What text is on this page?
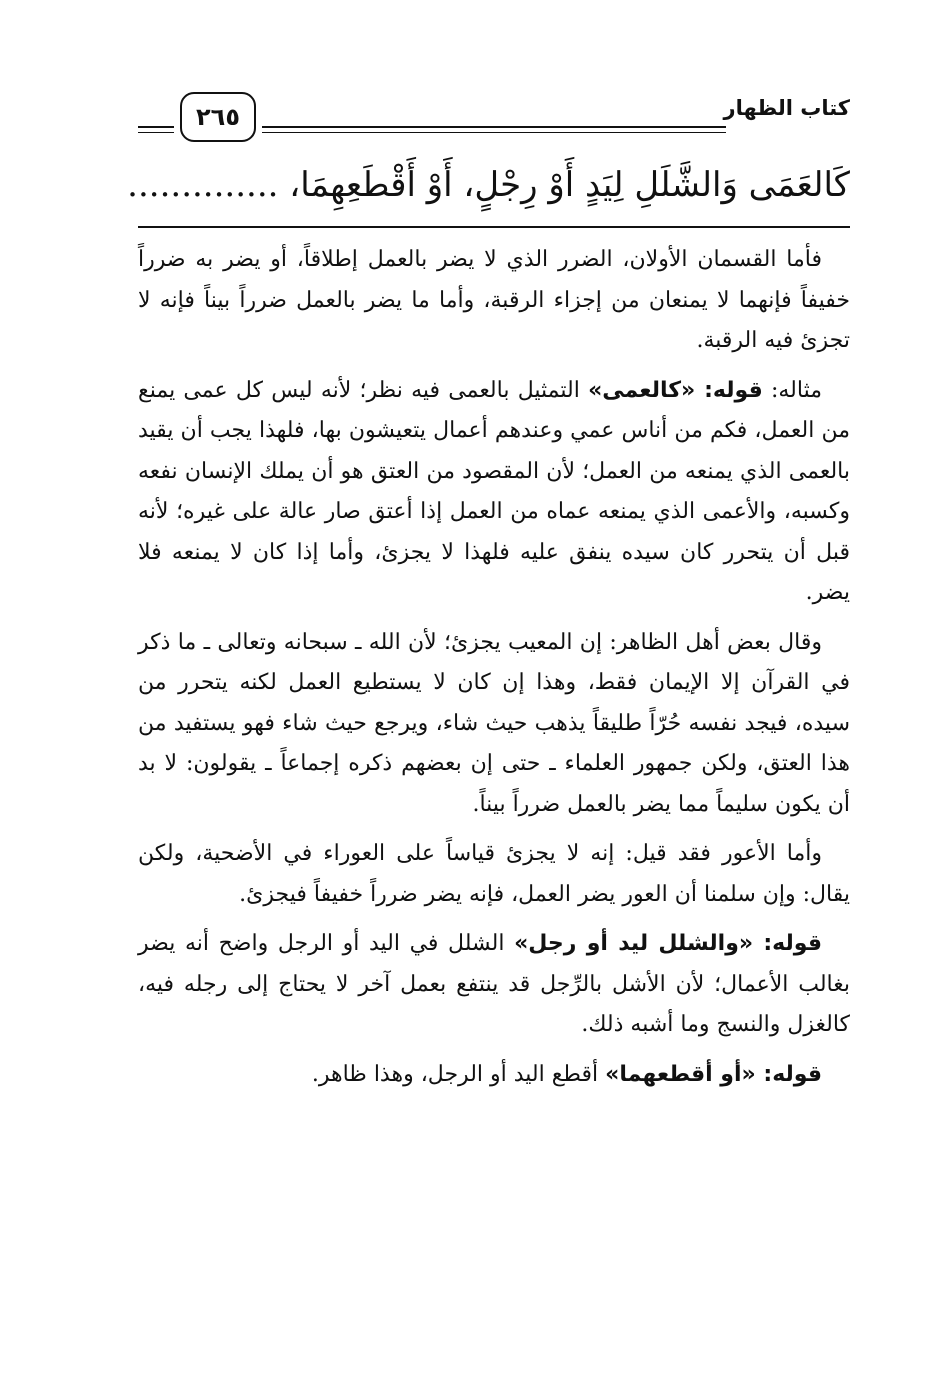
كتاب الظهار
٢٦٥
كَالعَمَى وَالشَّلَلِ لِيَدٍ أَوْ رِجْلٍ، أَوْ أَقْطَعِهِمَا، ..............

فأما القسمان الأولان، الضرر الذي لا يضر بالعمل إطلاقاً، أو يضر به ضرراً خفيفاً فإنهما لا يمنعان من إجزاء الرقبة، وأما ما يضر بالعمل ضرراً بيناً فإنه لا تجزئ فيه الرقبة.

مثاله: قوله: «كالعمى» التمثيل بالعمى فيه نظر؛ لأنه ليس كل عمى يمنع من العمل، فكم من أناس عمي وعندهم أعمال يتعيشون بها، فلهذا يجب أن يقيد بالعمى الذي يمنعه من العمل؛ لأن المقصود من العتق هو أن يملك الإنسان نفعه وكسبه، والأعمى الذي يمنعه عماه من العمل إذا أعتق صار عالة على غيره؛ لأنه قبل أن يتحرر كان سيده ينفق عليه فلهذا لا يجزئ، وأما إذا كان لا يمنعه فلا يضر.

وقال بعض أهل الظاهر: إن المعيب يجزئ؛ لأن الله ـ سبحانه وتعالى ـ ما ذكر في القرآن إلا الإيمان فقط، وهذا إن كان لا يستطيع العمل لكنه يتحرر من سيده، فيجد نفسه حُرّاً طليقاً يذهب حيث شاء، ويرجع حيث شاء فهو يستفيد من هذا العتق، ولكن جمهور العلماء ـ حتى إن بعضهم ذكره إجماعاً ـ يقولون: لا بد أن يكون سليماً مما يضر بالعمل ضرراً بيناً.

وأما الأعور فقد قيل: إنه لا يجزئ قياساً على العوراء في الأضحية، ولكن يقال: وإن سلمنا أن العور يضر العمل، فإنه يضر ضرراً خفيفاً فيجزئ.

قوله: «والشلل ليد أو رجل» الشلل في اليد أو الرجل واضح أنه يضر بغالب الأعمال؛ لأن الأشل بالرِّجل قد ينتفع بعمل آخر لا يحتاج إلى رجله فيه، كالغزل والنسج وما أشبه ذلك.

قوله: «أو أقطعهما» أقطع اليد أو الرجل، وهذا ظاهر.
